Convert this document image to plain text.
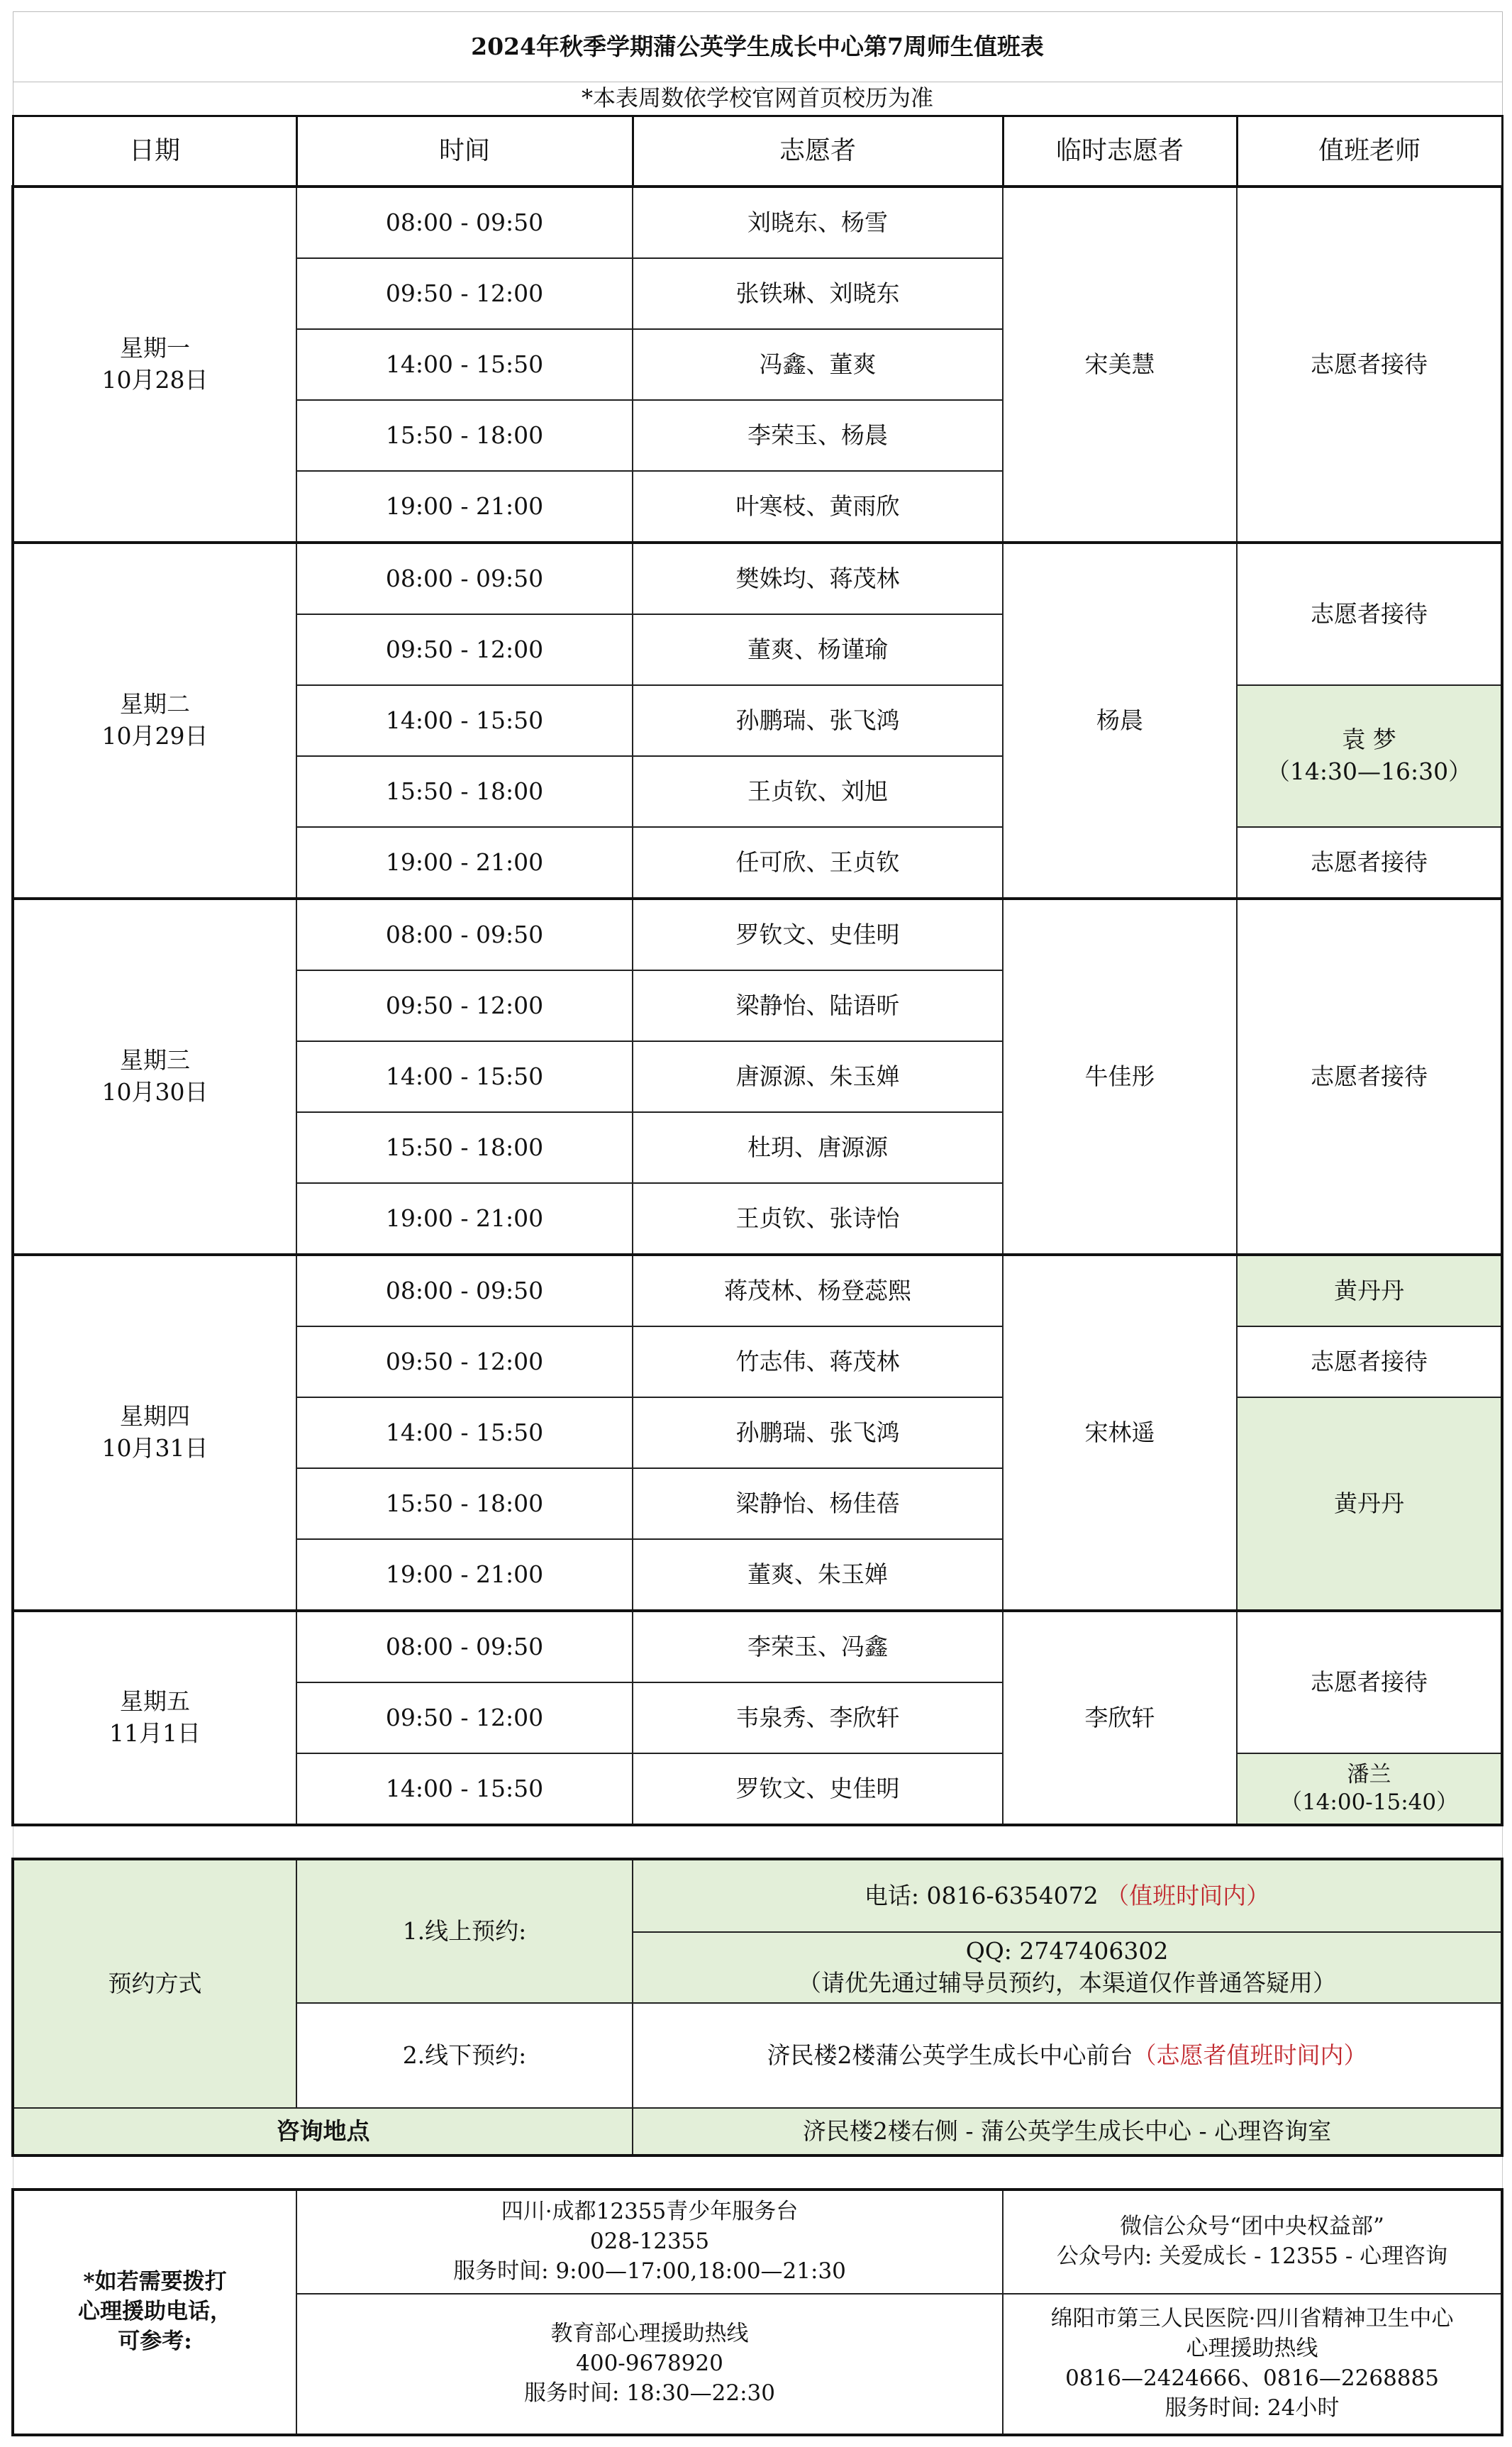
2024年秋季学期蒲公英学生成长中心第7周师生值班表				
*本表周数依学校官网首页校历为准				
日期	时间	志愿者	临时志愿者	值班老师
星期一
10月28日	08:00 - 09:50	刘晓东、杨雪	宋美慧	志愿者接待
	09:50 - 12:00	张铁琳、刘晓东		
	14:00 - 15:50	冯鑫、董爽		
	15:50 - 18:00	李荣玉、杨晨		
	19:00 - 21:00	叶寒枝、黄雨欣		
星期二
10月29日	08:00 - 09:50	樊姝均、蒋茂林	杨晨	志愿者接待
	09:50 - 12:00	董爽、杨谨瑜		
	14:00 - 15:50	孙鹏瑞、张飞鸿		袁 梦
（14:30—16:30）
	15:50 - 18:00	王贞钦、刘旭		
	19:00 - 21:00	任可欣、王贞钦		志愿者接待
星期三
10月30日	08:00 - 09:50	罗钦文、史佳明	牛佳彤	志愿者接待
	09:50 - 12:00	梁静怡、陆语昕		
	14:00 - 15:50	唐源源、朱玉婵		
	15:50 - 18:00	杜玥、唐源源		
	19:00 - 21:00	王贞钦、张诗怡		
星期四
10月31日	08:00 - 09:50	蒋茂林、杨登蕊熙	宋林遥	黄丹丹
	09:50 - 12:00	竹志伟、蒋茂林		志愿者接待
	14:00 - 15:50	孙鹏瑞、张飞鸿		黄丹丹
	15:50 - 18:00	梁静怡、杨佳蓓		
	19:00 - 21:00	董爽、朱玉婵		
星期五
11月1日	08:00 - 09:50	李荣玉、冯鑫	李欣轩	志愿者接待
	09:50 - 12:00	韦泉秀、李欣轩		
	14:00 - 15:50	罗钦文、史佳明		潘兰
（14:00-15:40）

预约方式	1.线上预约:	电话: 0816-6354072 （值班时间内）		
		QQ: 2747406302
（请优先通过辅导员预约，本渠道仅作普通答疑用）		
	2.线下预约:	济民楼2楼蒲公英学生成长中心前台（志愿者值班时间内）		
咨询地点		济民楼2楼右侧 - 蒲公英学生成长中心 - 心理咨询室		

*如若需要拨打
心理援助电话，
可参考:	四川·成都12355青少年服务台
028-12355
服务时间: 9:00—17:00,18:00—21:30		微信公众号“团中央权益部”
公众号内: 关爱成长 - 12355 - 心理咨询	
	教育部心理援助热线
400-9678920
服务时间: 18:30—22:30		绵阳市第三人民医院·四川省精神卫生中心
心理援助热线
0816—2424666、0816—2268885
服务时间: 24小时	
